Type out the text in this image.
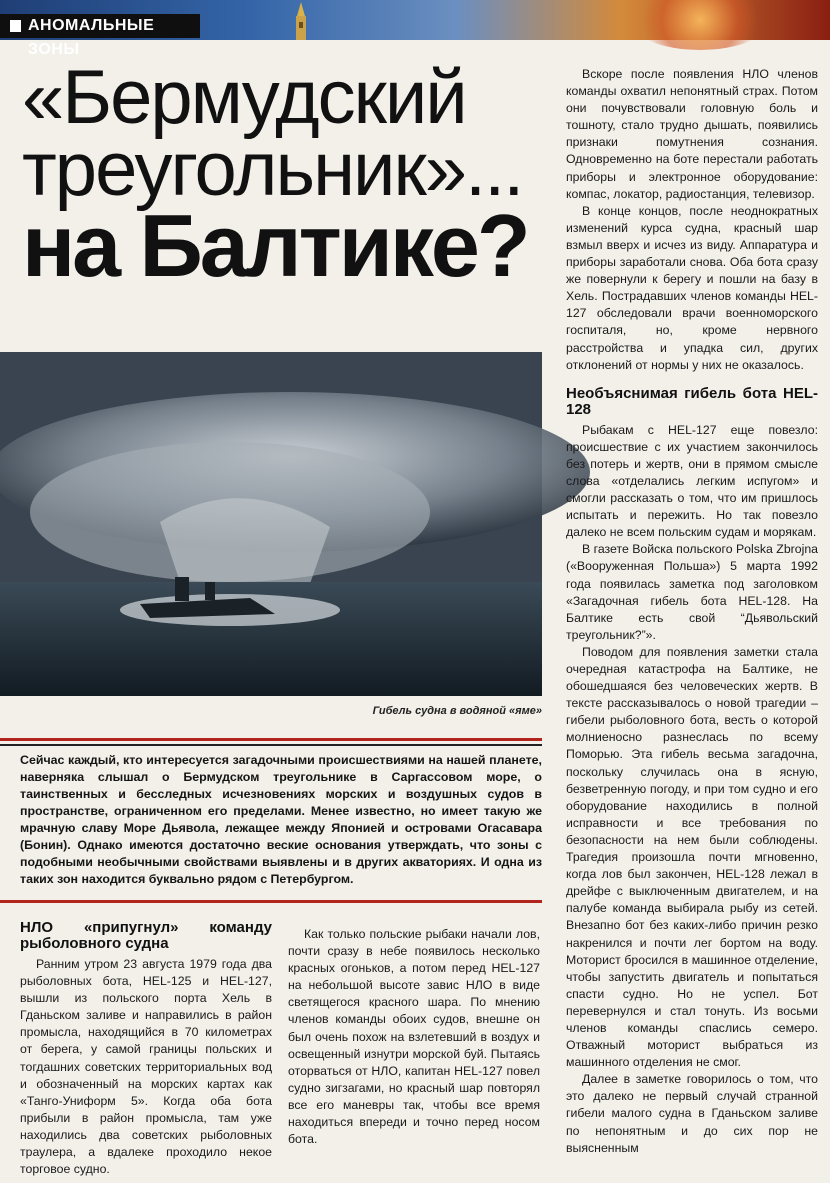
АНОМАЛЬНЫЕ ЗОНЫ
«Бермудский
треугольник»...
на Балтике?
Гибель судна в водяной «яме»
Сейчас каждый, кто интересуется загадочными происшествиями на нашей планете, наверняка слышал о Бермудском треугольнике в Саргассовом море, о таинственных и бесследных исчезновениях морских и воздушных судов в пространстве, ограниченном его пределами. Менее известно, но имеет такую же мрачную славу Море Дьявола, лежащее между Японией и островами Огасавара (Бонин). Однако имеются достаточно веские основания утверждать, что зоны с подобными необычными свойствами выявлены и в других акваториях. И одна из таких зон находится буквально рядом с Петербургом.
НЛО «припугнул» команду рыболовного судна

Ранним утром 23 августа 1979 года два рыболовных бота, HEL-125 и HEL-127, вышли из польского порта Хель в Гданьском заливе и направились в район промысла, находящийся в 70 километрах от берега, у самой границы польских и тогдашних советских территориальных вод и обозначенный на морских картах как «Танго-Униформ 5». Когда оба бота прибыли в район промысла, там уже находились два советских рыболовных траулера, а вдалеке проходило некое торговое судно.

Как только польские рыбаки начали лов, почти сразу в небе появилось несколько красных огоньков, а потом перед HEL-127 на небольшой высоте завис НЛО в виде светящегося красного шара. По мнению членов команды обоих судов, внешне он был очень похож на взлетевший в воздух и освещенный изнутри морской буй. Пытаясь оторваться от НЛО, капитан HEL-127 повел судно зигзагами, но красный шар повторял все его маневры так, чтобы все время находиться впереди и точно перед носом бота.

Вскоре после появления НЛО членов команды охватил непонятный страх. Потом они почувствовали головную боль и тошноту, стало трудно дышать, появились признаки помутнения сознания. Одновременно на боте перестали работать приборы и электронное оборудование: компас, локатор, радиостанция, телевизор.

В конце концов, после неоднократных изменений курса судна, красный шар взмыл вверх и исчез из виду. Аппаратура и приборы заработали снова. Оба бота сразу же повернули к берегу и пошли на базу в Хель. Пострадавших членов команды HEL-127 обследовали врачи военноморского госпиталя, но, кроме нервного расстройства и упадка сил, других отклонений от нормы у них не оказалось.

Необъяснимая гибель бота HEL-128

Рыбакам с HEL-127 еще повезло: происшествие с их участием закончилось без потерь и жертв, они в прямом смысле слова «отделались легким испугом» и смогли рассказать о том, что им пришлось испытать и пережить. Но так повезло далеко не всем польским судам и морякам.

В газете Войска польского Polska Zbrojna («Вооруженная Польша») 5 марта 1992 года появилась заметка под заголовком «Загадочная гибель бота HEL-128. На Балтике есть свой “Дьявольский треугольник?”».

Поводом для появления заметки стала очередная катастрофа на Балтике, не обошедшаяся без человеческих жертв. В тексте рассказывалось о новой трагедии – гибели рыболовного бота, весть о которой молниеносно разнеслась по всему Поморью. Эта гибель весьма загадочна, поскольку случилась она в ясную, безветренную погоду, и при том судно и его оборудование находились в полной исправности и все требования по безопасности на нем были соблюдены. Трагедия произошла почти мгновенно, когда лов был закончен, HEL-128 лежал в дрейфе с выключенным двигателем, и на палубе команда выбирала рыбу из сетей. Внезапно бот без каких-либо причин резко накренился и почти лег бортом на воду. Моторист бросился в машинное отделение, чтобы запустить двигатель и попытаться спасти судно. Но не успел. Бот перевернулся и стал тонуть. Из восьми членов команды спаслись семеро. Отважный моторист выбраться из машинного отделения не смог.

Далее в заметке говорилось о том, что это далеко не первый случай странной гибели малого судна в Гданьском заливе по непонятным и до сих пор не выясненным
